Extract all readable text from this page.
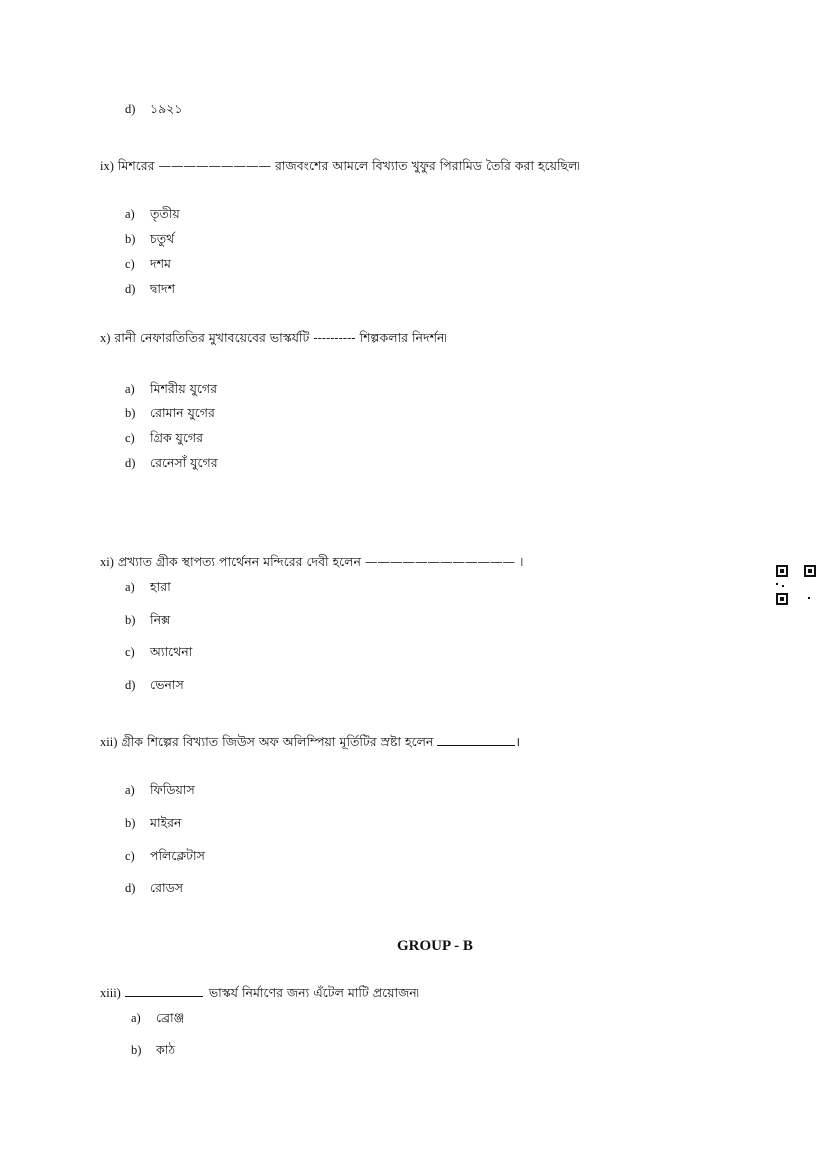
d) ১৯২১
GROUP - B
ix) মিশরের ————————— রাজবংশের আমলে বিখ্যাত খুফুর পিরামিড তৈরি করা হয়েছিল৷
a) তৃতীয়
b) চতুর্থ
c) দশম
d) দ্বাদশ
x) রানী নেফারতিতির মুখাবয়েবের ভাস্কর্যটি ---------- শিল্পকলার নিদর্শন৷
a) মিশরীয় যুগের
b) রোমান যুগের
c) গ্রিক যুগের
d) রেনেসাঁ যুগের
xi) প্রখ্যাত গ্রীক স্থাপত্য পার্থেনন মন্দিরের দেবী হলেন ———————————— ।
a) হারা
b) নিক্স
c) অ্যাথেনা
d) ভেনাস
xii) গ্রীক শিল্পের বিখ্যাত জিউস অফ অলিম্পিয়া মূর্তিটির স্রষ্টা হলেন	।
a) ফিডিয়াস
b) মাইরন
c) পলিক্লেটাস
d) রোডস
xiii)	ভাস্কর্য নির্মাণের জন্য এঁটেল মাটি প্রয়োজন৷
a) ব্রোঞ্জ
b) কাঠ
